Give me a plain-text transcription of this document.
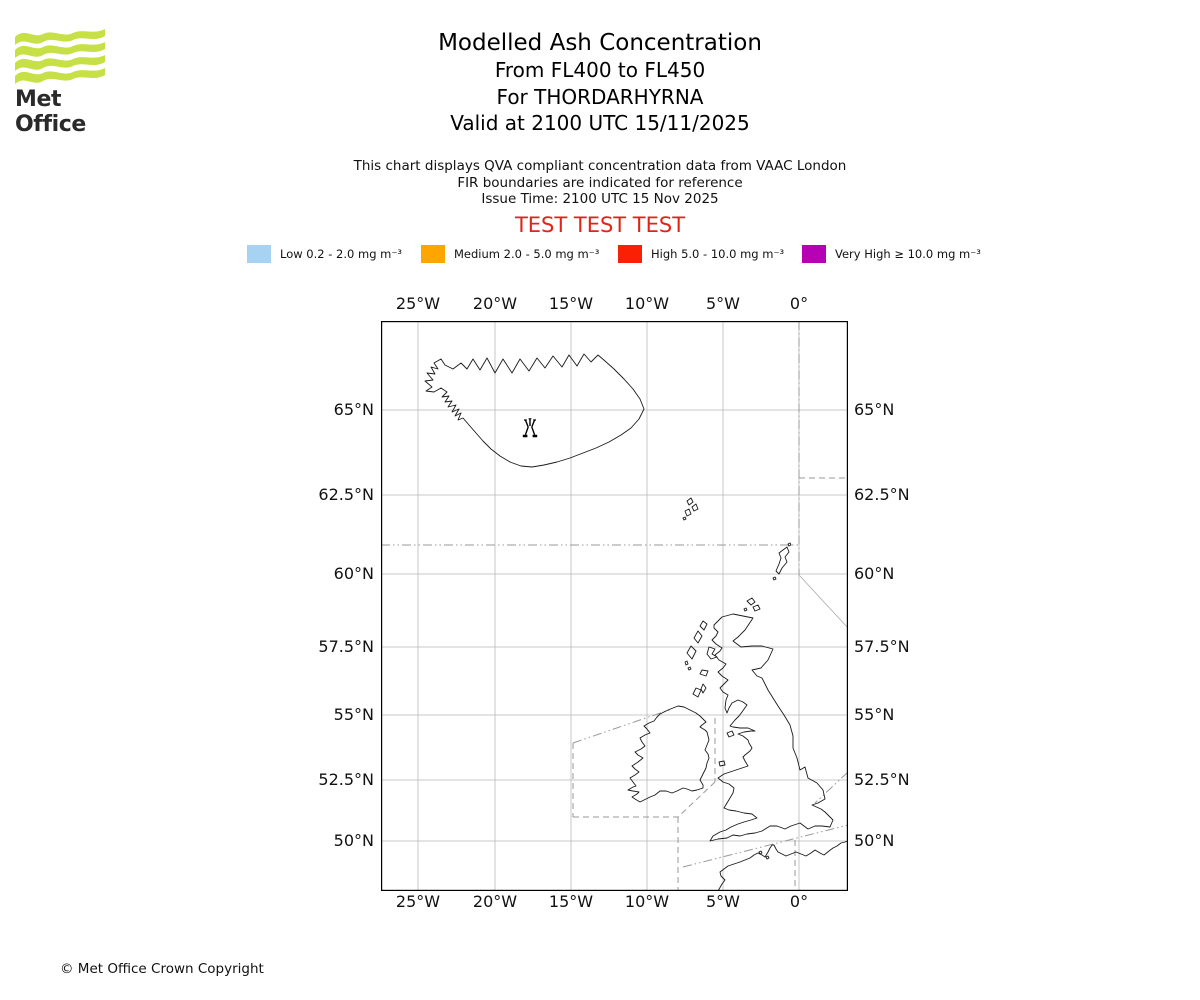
Met Office
Modelled Ash Concentration
From FL400 to FL450
For THORDARHYRNA
Valid at 2100 UTC 15/11/2025
This chart displays QVA compliant concentration data from VAAC London
FIR boundaries are indicated for reference
Issue Time: 2100 UTC 15 Nov 2025
TEST TEST TEST
Low 0.2 - 2.0 mg m⁻³	Medium 2.0 - 5.0 mg m⁻³	High 5.0 - 10.0 mg m⁻³	Very High ≥ 10.0 mg m⁻³
© Met Office Crown Copyright
25°W
25°W
20°W
20°W
15°W
15°W
10°W
10°W
5°W
5°W
0°
0°
65°N	65°N
62.5°N	62.5°N
60°N	60°N
57.5°N	57.5°N
55°N	55°N
52.5°N	52.5°N
50°N	50°N
